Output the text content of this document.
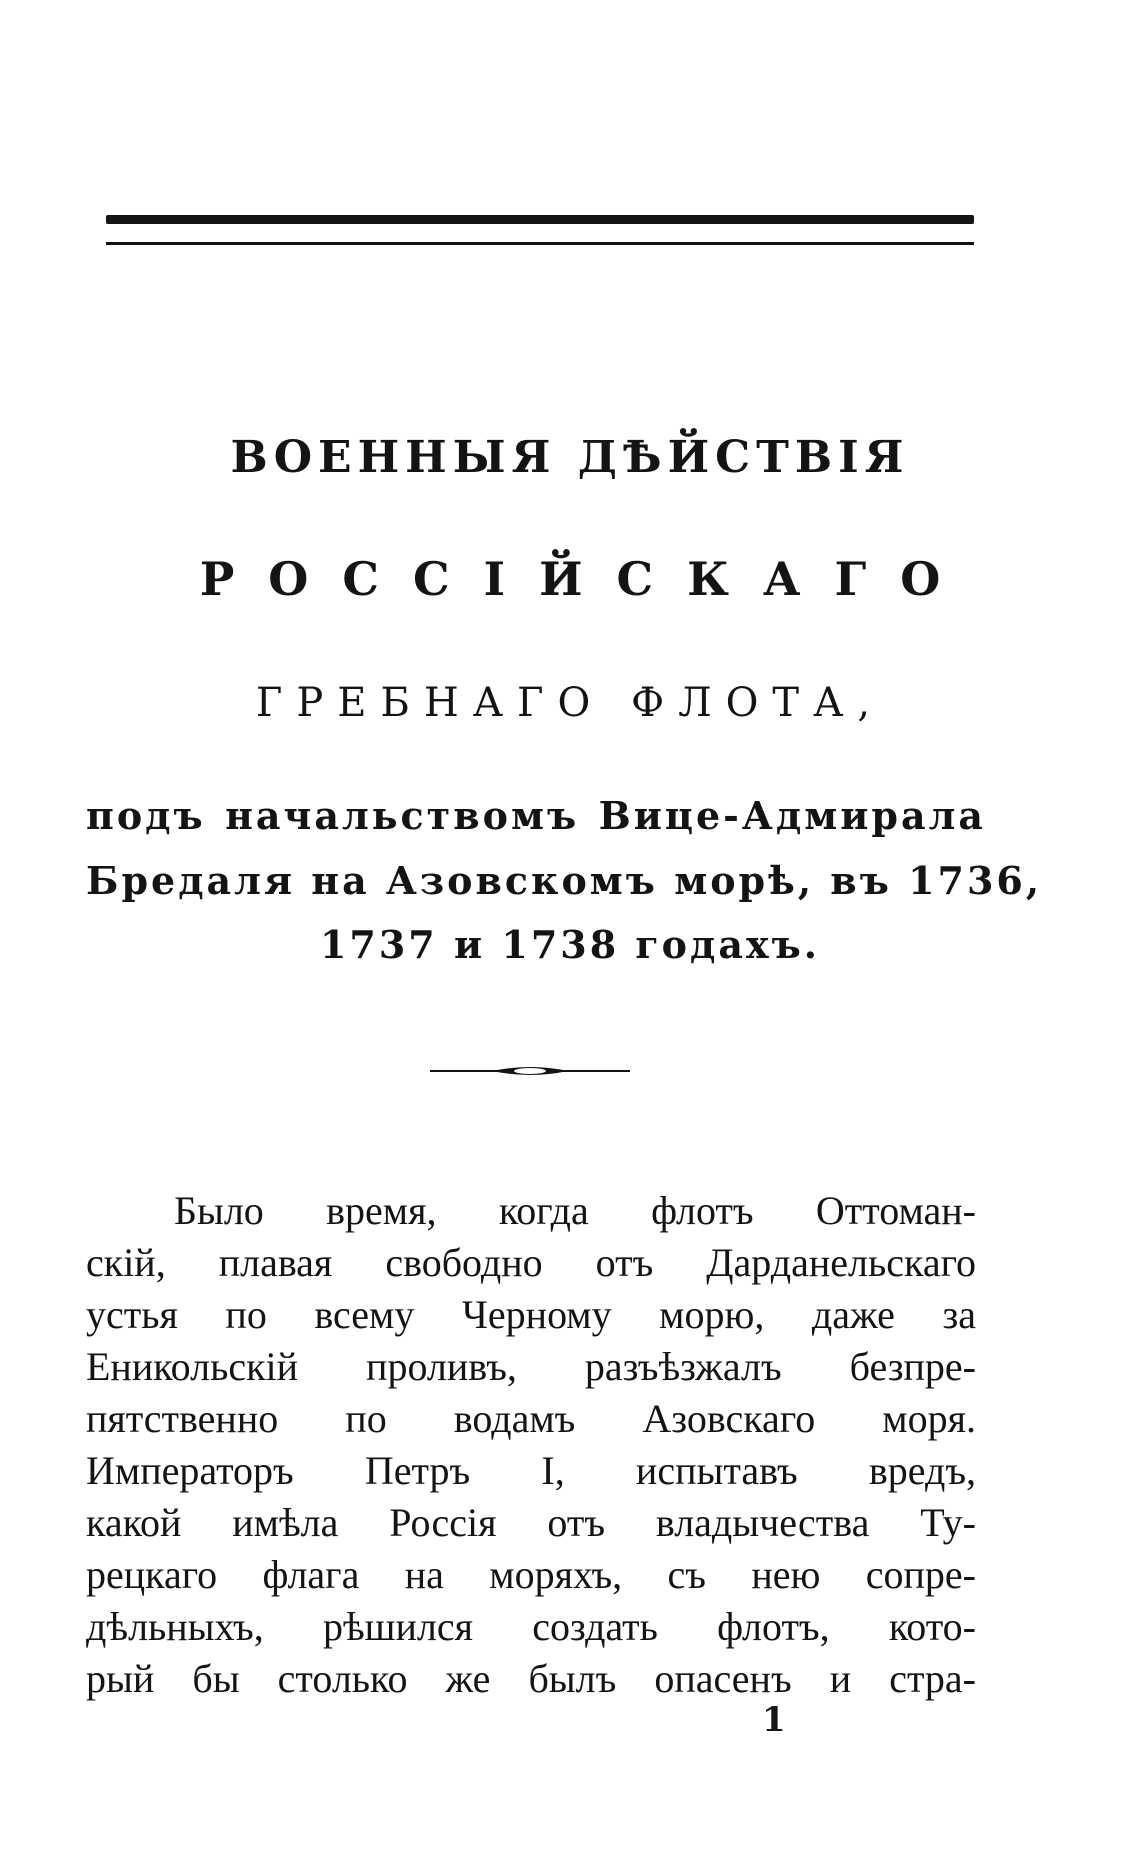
ВОЕННЫЯ ДѢЙСТВІЯ
РОССІЙСКАГО
ГРЕБНАГО ФЛОТА,
подъ начальствомъ Вице-Адмирала
Бредаля на Азовскомъ морѣ, въ 1736,
1737 и 1738 годахъ.
Было время, когда флотъ Оттоман-
скій, плавая свободно отъ Дарданельскаго
устья по всему Черному морю, даже за
Еникольскій проливъ, разъѣзжалъ безпре-
пятственно по водамъ Азовскаго моря.
Императоръ Петръ I, испытавъ вредъ,
какой имѣла Россія отъ владычества Ту-
рецкаго флага на моряхъ, съ нею сопре-
дѣльныхъ, рѣшился создать флотъ, кото-
рый бы столько же былъ опасенъ и стра-
1
